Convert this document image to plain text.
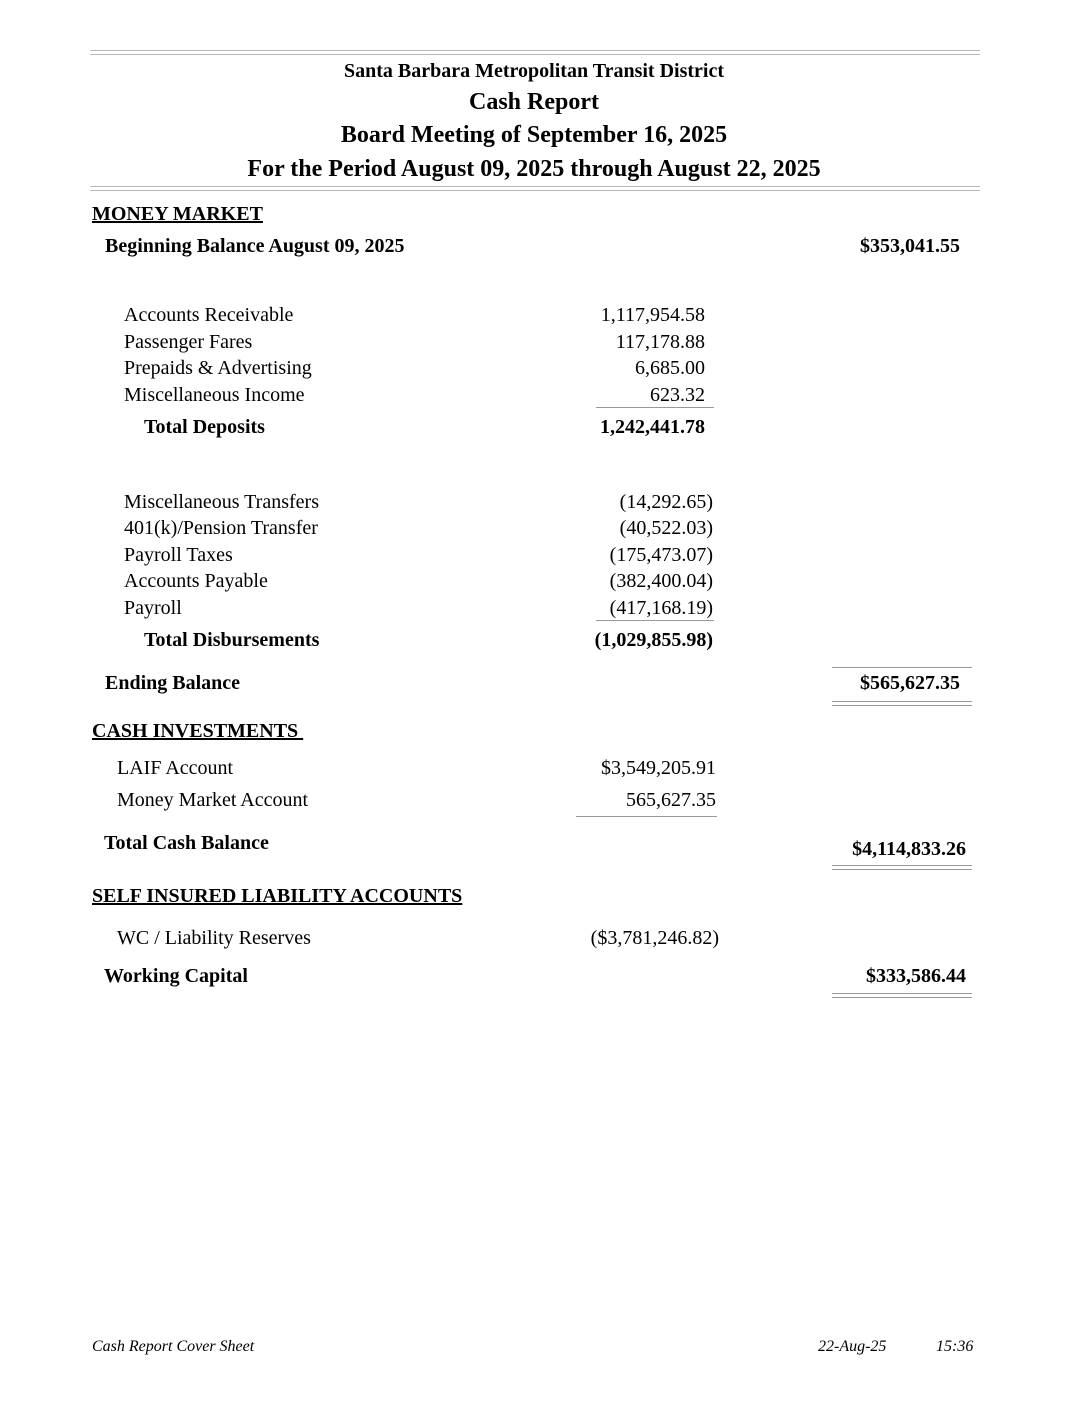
Santa Barbara Metropolitan Transit District
Cash Report
Board Meeting of September 16, 2025
For the Period August 09, 2025 through August 22, 2025
MONEY MARKET
Beginning Balance August 09, 2025	$353,041.55
Accounts Receivable	1,117,954.58
Passenger Fares	117,178.88
Prepaids & Advertising	6,685.00
Miscellaneous Income	623.32
Total Deposits	1,242,441.78
Miscellaneous Transfers	(14,292.65)
401(k)/Pension Transfer	(40,522.03)
Payroll Taxes	(175,473.07)
Accounts Payable	(382,400.04)
Payroll	(417,168.19)
Total Disbursements	(1,029,855.98)
Ending Balance	$565,627.35
CASH INVESTMENTS
LAIF Account	$3,549,205.91
Money Market Account	565,627.35
Total Cash Balance	$4,114,833.26
SELF INSURED LIABILITY ACCOUNTS
WC / Liability Reserves	($3,781,246.82)
Working Capital	$333,586.44
Cash Report Cover Sheet	22-Aug-25	15:36
